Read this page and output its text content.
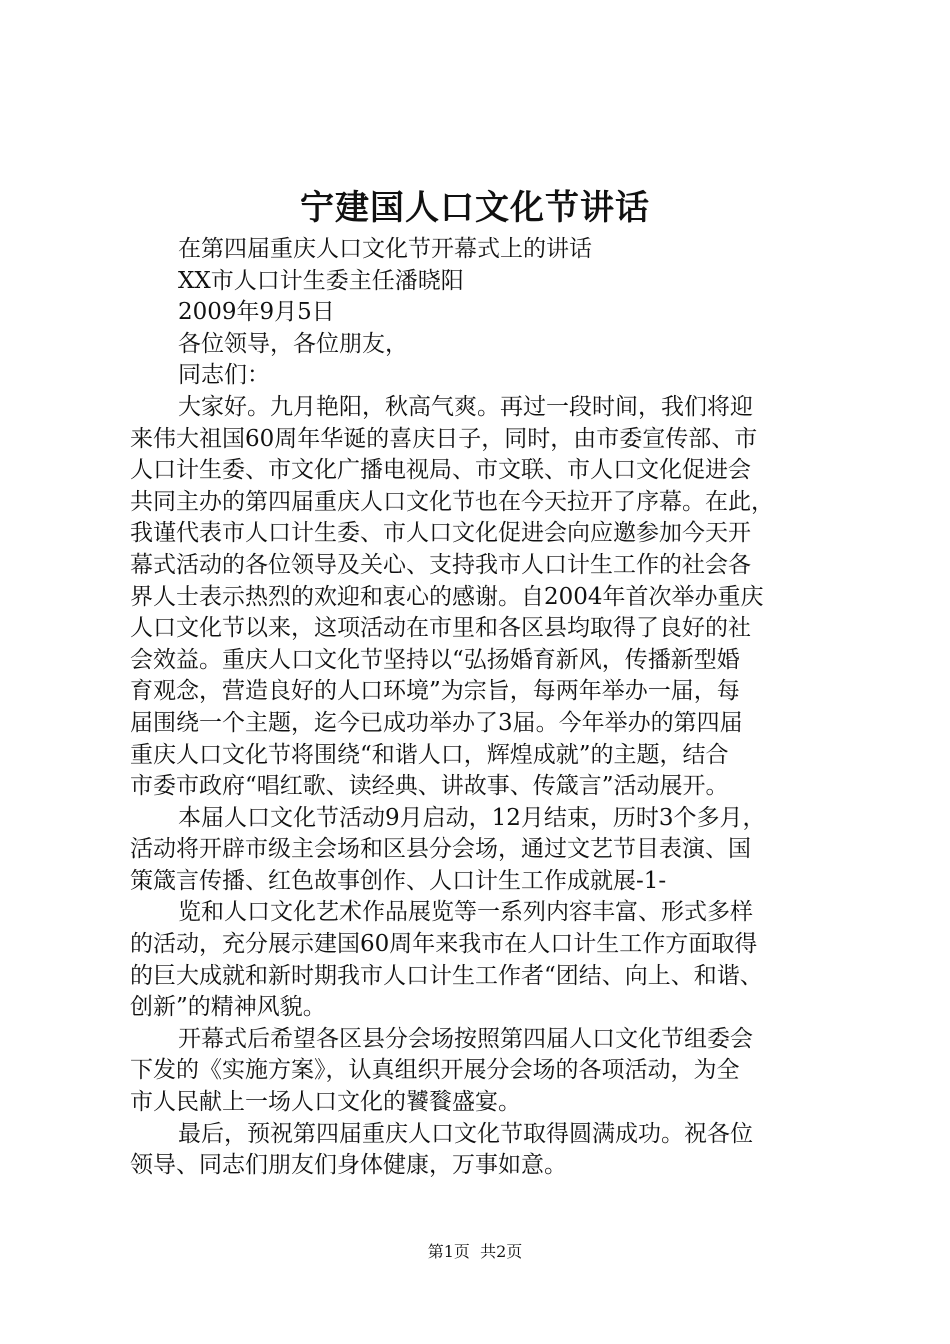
宁建国人口文化节讲话
在第四届重庆人口文化节开幕式上的讲话
XX市人口计生委主任潘晓阳
2009年9月5日
各位领导，各位朋友，
同志们：
大家好。九月艳阳，秋高气爽。再过一段时间，我们将迎
来伟大祖国60周年华诞的喜庆日子，同时，由市委宣传部、市
人口计生委、市文化广播电视局、市文联、市人口文化促进会
共同主办的第四届重庆人口文化节也在今天拉开了序幕。在此，
我谨代表市人口计生委、市人口文化促进会向应邀参加今天开
幕式活动的各位领导及关心、支持我市人口计生工作的社会各
界人士表示热烈的欢迎和衷心的感谢。自2004年首次举办重庆
人口文化节以来，这项活动在市里和各区县均取得了良好的社
会效益。重庆人口文化节坚持以“弘扬婚育新风，传播新型婚
育观念，营造良好的人口环境”为宗旨，每两年举办一届，每
届围绕一个主题，迄今已成功举办了3届。今年举办的第四届
重庆人口文化节将围绕“和谐人口，辉煌成就”的主题，结合
市委市政府“唱红歌、读经典、讲故事、传箴言”活动展开。
本届人口文化节活动9月启动，12月结束，历时3个多月，
活动将开辟市级主会场和区县分会场，通过文艺节目表演、国
策箴言传播、红色故事创作、人口计生工作成就展-1-
览和人口文化艺术作品展览等一系列内容丰富、形式多样
的活动，充分展示建国60周年来我市在人口计生工作方面取得
的巨大成就和新时期我市人口计生工作者“团结、向上、和谐、
创新”的精神风貌。
开幕式后希望各区县分会场按照第四届人口文化节组委会
下发的《实施方案》，认真组织开展分会场的各项活动，为全
市人民献上一场人口文化的饕餮盛宴。
最后，预祝第四届重庆人口文化节取得圆满成功。祝各位
领导、同志们朋友们身体健康，万事如意。
第1页  共2页
